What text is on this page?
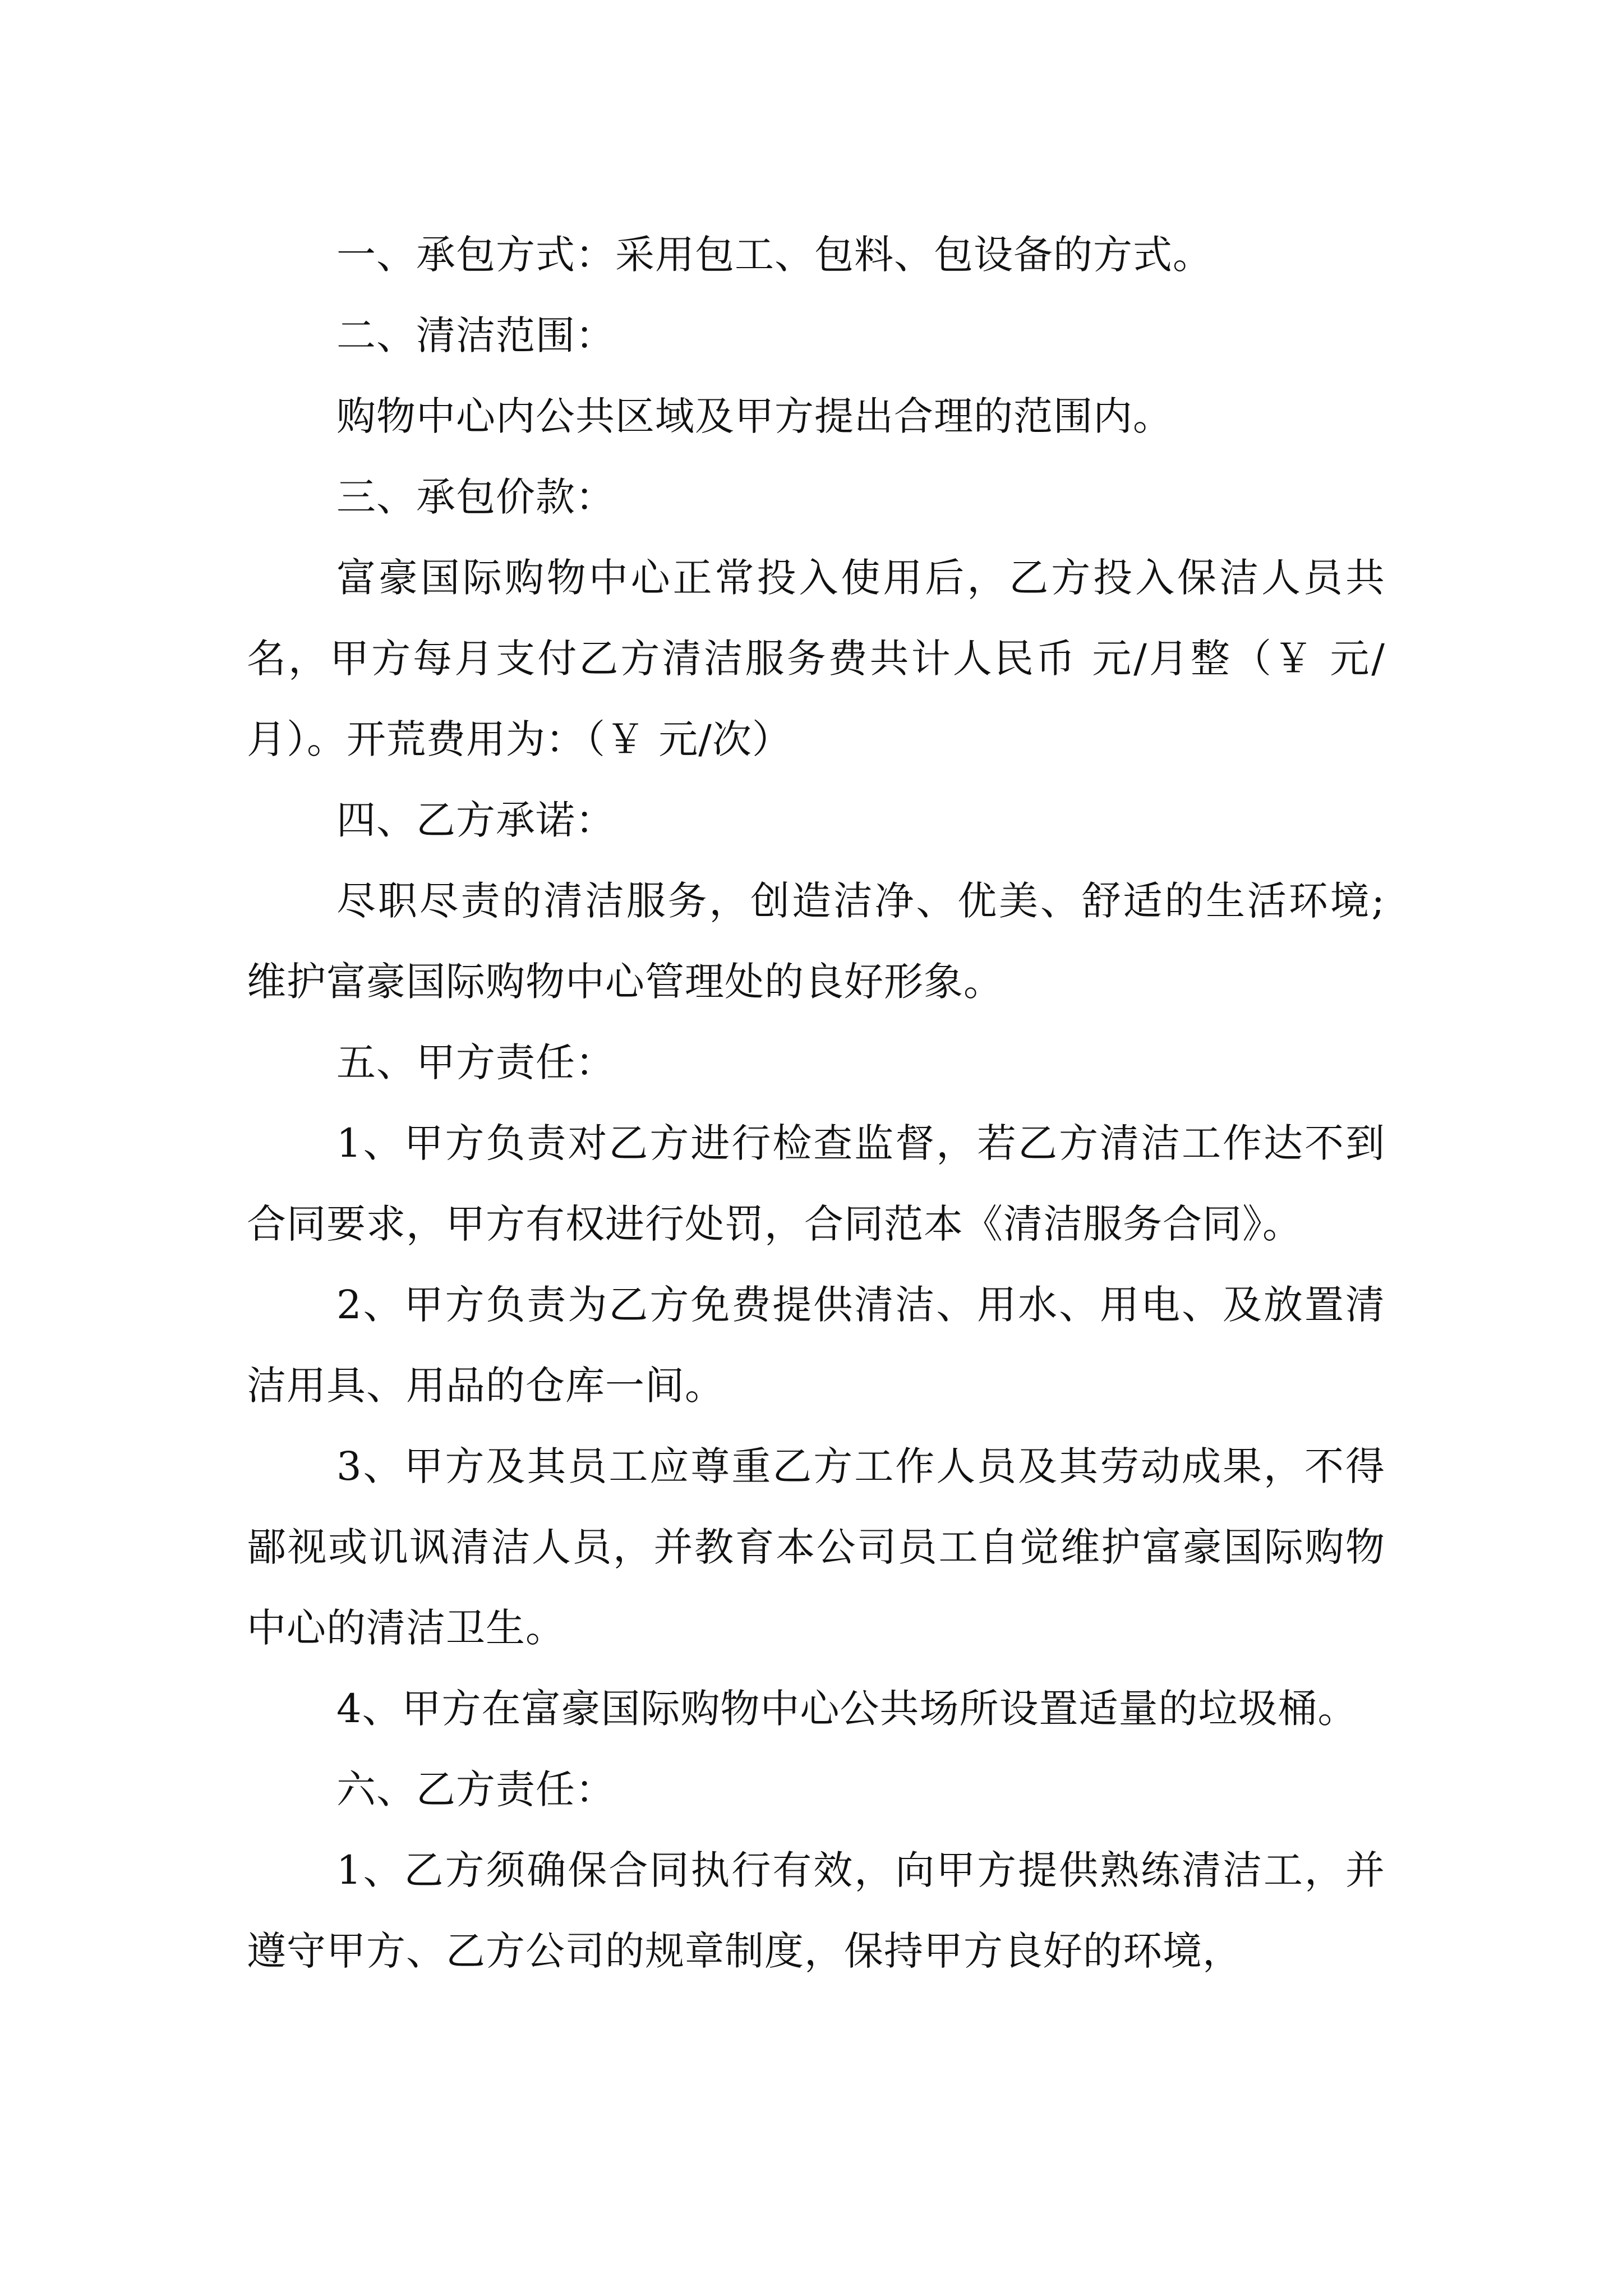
一、承包方式：采用包工、包料、包设备的方式。

二、清洁范围：

购物中心内公共区域及甲方提出合理的范围内。

三、承包价款：

富豪国际购物中心正常投入使用后，乙方投入保洁人员共 名，甲方每月支付乙方清洁服务费共计人民币 元/月整（￥ 元/月）。开荒费用为：（￥ 元/次）

四、乙方承诺：

尽职尽责的清洁服务，创造洁净、优美、舒适的生活环境;维护富豪国际购物中心管理处的良好形象。

五、甲方责任：

1、甲方负责对乙方进行检查监督，若乙方清洁工作达不到合同要求，甲方有权进行处罚，合同范本《清洁服务合同》。

2、甲方负责为乙方免费提供清洁、用水、用电、及放置清洁用具、用品的仓库一间。

3、甲方及其员工应尊重乙方工作人员及其劳动成果，不得鄙视或讥讽清洁人员，并教育本公司员工自觉维护富豪国际购物中心的清洁卫生。

4、甲方在富豪国际购物中心公共场所设置适量的垃圾桶。

六、乙方责任：

1、乙方须确保合同执行有效，向甲方提供熟练清洁工，并遵守甲方、乙方公司的规章制度，保持甲方良好的环境，
